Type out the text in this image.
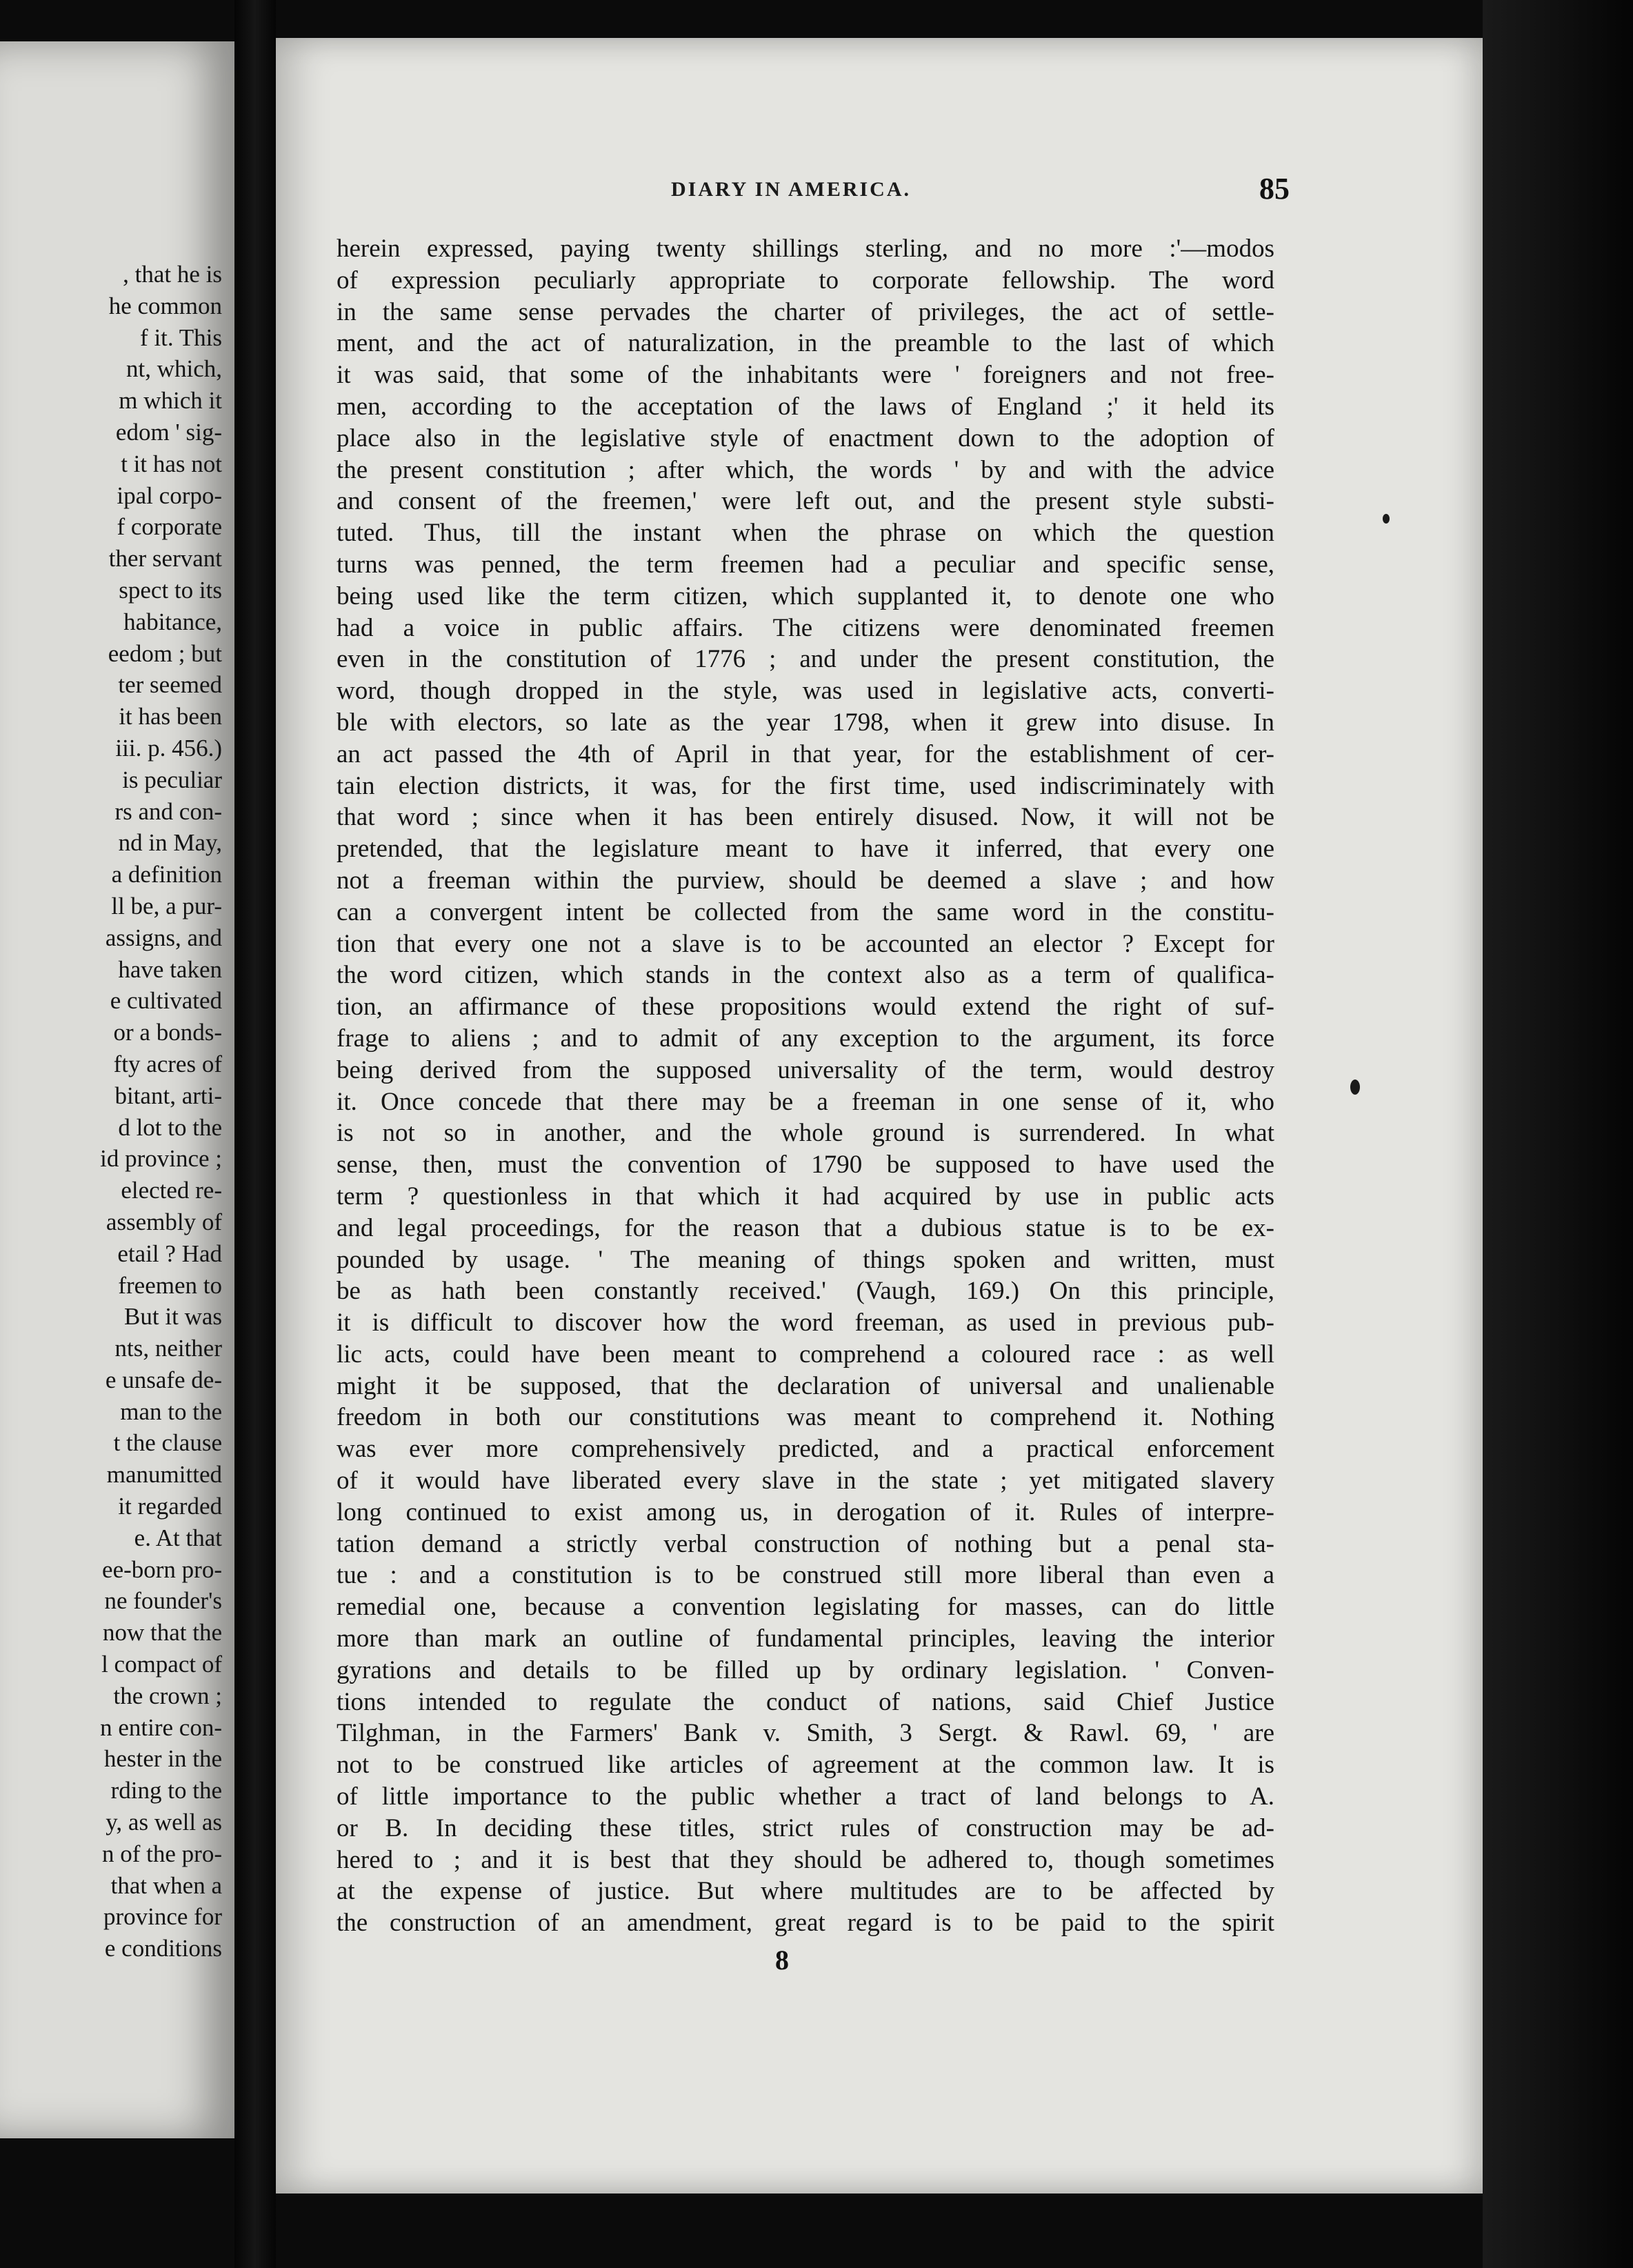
, that he is
he common
f it. This
nt, which,
m which it
edom ' sig-
t it has not
ipal corpo-
f corporate
ther servant
spect to its
habitance,
eedom ; but
ter seemed
it has been
iii. p. 456.)
is peculiar
rs and con-
nd in May,
a definition
ll be, a pur-
assigns, and
have taken
e cultivated
or a bonds-
fty acres of
bitant, arti-
d lot to the
id province ;
elected re-
assembly of
etail ? Had
freemen to
But it was
nts, neither
e unsafe de-
man to the
t the clause
manumitted
it regarded
e. At that
ee-born pro-
ne founder's
now that the
l compact of
the crown ;
n entire con-
hester in the
rding to the
y, as well as
n of the pro-
that when a
province for
e conditions
DIARY IN AMERICA.	85
herein expressed, paying twenty shillings sterling, and no more :'—modos
of expression peculiarly appropriate to corporate fellowship. The word
in the same sense pervades the charter of privileges, the act of settle-
ment, and the act of naturalization, in the preamble to the last of which
it was said, that some of the inhabitants were ' foreigners and not free-
men, according to the acceptation of the laws of England ;' it held its
place also in the legislative style of enactment down to the adoption of
the present constitution ; after which, the words ' by and with the advice
and consent of the freemen,' were left out, and the present style substi-
tuted. Thus, till the instant when the phrase on which the question
turns was penned, the term freemen had a peculiar and specific sense,
being used like the term citizen, which supplanted it, to denote one who
had a voice in public affairs. The citizens were denominated freemen
even in the constitution of 1776 ; and under the present constitution, the
word, though dropped in the style, was used in legislative acts, converti-
ble with electors, so late as the year 1798, when it grew into disuse. In
an act passed the 4th of April in that year, for the establishment of cer-
tain election districts, it was, for the first time, used indiscriminately with
that word ; since when it has been entirely disused. Now, it will not be
pretended, that the legislature meant to have it inferred, that every one
not a freeman within the purview, should be deemed a slave ; and how
can a convergent intent be collected from the same word in the constitu-
tion that every one not a slave is to be accounted an elector ? Except for
the word citizen, which stands in the context also as a term of qualifica-
tion, an affirmance of these propositions would extend the right of suf-
frage to aliens ; and to admit of any exception to the argument, its force
being derived from the supposed universality of the term, would destroy
it. Once concede that there may be a freeman in one sense of it, who
is not so in another, and the whole ground is surrendered. In what
sense, then, must the convention of 1790 be supposed to have used the
term ? questionless in that which it had acquired by use in public acts
and legal proceedings, for the reason that a dubious statue is to be ex-
pounded by usage. ' The meaning of things spoken and written, must
be as hath been constantly received.' (Vaugh, 169.) On this principle,
it is difficult to discover how the word freeman, as used in previous pub-
lic acts, could have been meant to comprehend a coloured race : as well
might it be supposed, that the declaration of universal and unalienable
freedom in both our constitutions was meant to comprehend it. Nothing
was ever more comprehensively predicted, and a practical enforcement
of it would have liberated every slave in the state ; yet mitigated slavery
long continued to exist among us, in derogation of it. Rules of interpre-
tation demand a strictly verbal construction of nothing but a penal sta-
tue : and a constitution is to be construed still more liberal than even a
remedial one, because a convention legislating for masses, can do little
more than mark an outline of fundamental principles, leaving the interior
gyrations and details to be filled up by ordinary legislation. ' Conven-
tions intended to regulate the conduct of nations, said Chief Justice
Tilghman, in the Farmers' Bank v. Smith, 3 Sergt. & Rawl. 69, ' are
not to be construed like articles of agreement at the common law. It is
of little importance to the public whether a tract of land belongs to A.
or B. In deciding these titles, strict rules of construction may be ad-
hered to ; and it is best that they should be adhered to, though sometimes
at the expense of justice. But where multitudes are to be affected by
the construction of an amendment, great regard is to be paid to the spirit
8
